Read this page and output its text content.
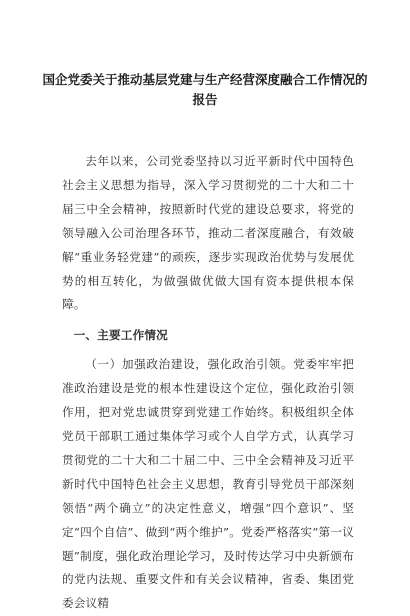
国企党委关于推动基层党建与生产经营深度融合工作情况的报告

去年以来，公司党委坚持以习近平新时代中国特色社会主义思想为指导，深入学习贯彻党的二十大和二十届三中全会精神，按照新时代党的建设总要求，将党的领导融入公司治理各环节，推动二者深度融合，有效破解“重业务轻党建”的顽疾，逐步实现政治优势与发展优势的相互转化，为做强做优做大国有资本提供根本保障。

一、主要工作情况

（一）加强政治建设，强化政治引领。党委牢牢把准政治建设是党的根本性建设这个定位，强化政治引领作用，把对党忠诚贯穿到党建工作始终。积极组织全体党员干部职工通过集体学习或个人自学方式，认真学习贯彻党的二十大和二十届二中、三中全会精神及习近平新时代中国特色社会主义思想，教育引导党员干部深刻领悟“两个确立”的决定性意义，增强“四个意识”、坚定“四个自信”、做到“两个维护”。党委严格落实“第一议题”制度，强化政治理论学习，及时传达学习中央新颁布的党内法规、重要文件和有关会议精神，省委、集团党委会议精
